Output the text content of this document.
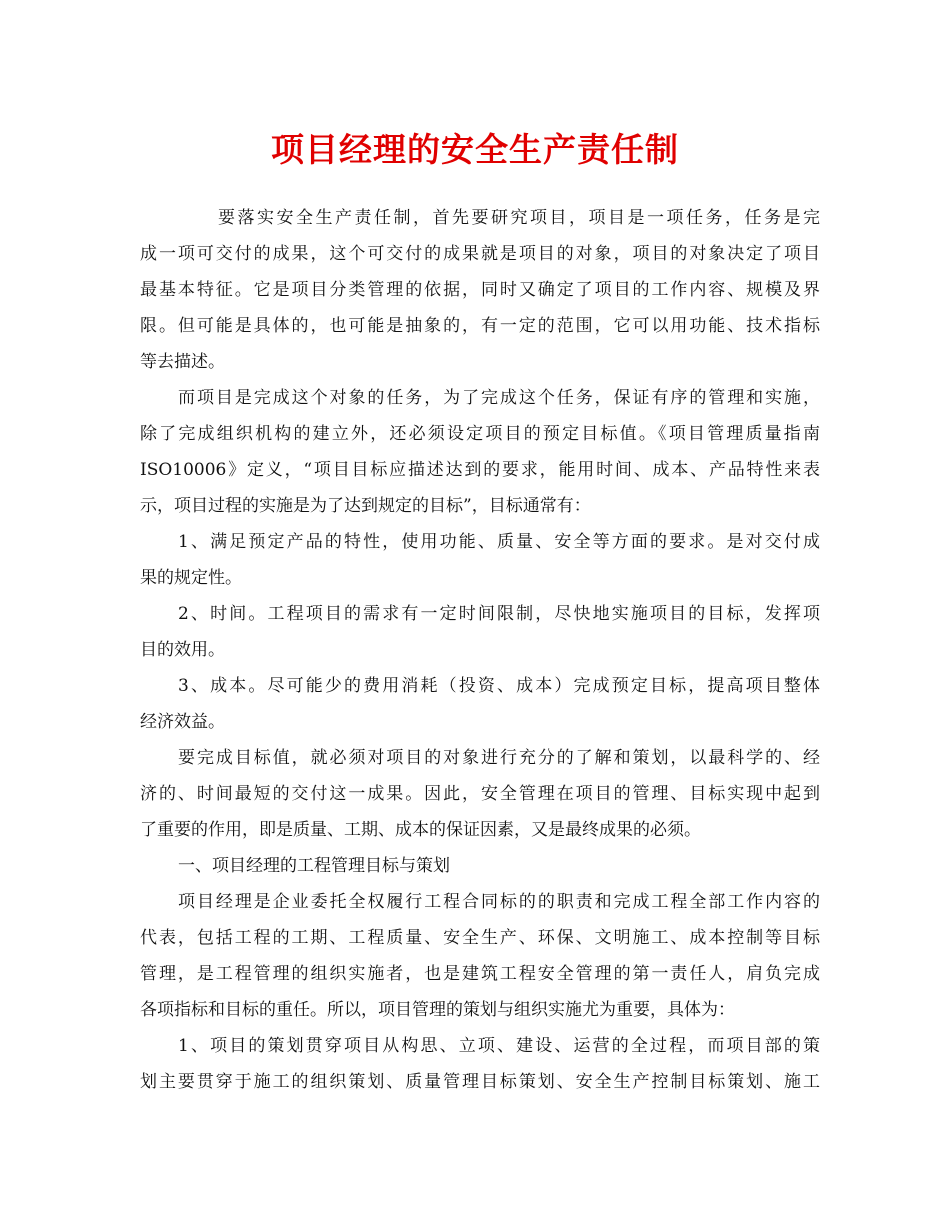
项目经理的安全生产责任制
要落实安全生产责任制，首先要研究项目，项目是一项任务，任务是完
成一项可交付的成果，这个可交付的成果就是项目的对象，项目的对象决定了项目
最基本特征。它是项目分类管理的依据，同时又确定了项目的工作内容、规模及界
限。但可能是具体的，也可能是抽象的，有一定的范围，它可以用功能、技术指标
等去描述。
而项目是完成这个对象的任务，为了完成这个任务，保证有序的管理和实施，
除了完成组织机构的建立外，还必须设定项目的预定目标值。《项目管理质量指南
ISO10006》定义，“项目目标应描述达到的要求，能用时间、成本、产品特性来表
示，项目过程的实施是为了达到规定的目标”，目标通常有：
1、满足预定产品的特性，使用功能、质量、安全等方面的要求。是对交付成
果的规定性。
2、时间。工程项目的需求有一定时间限制，尽快地实施项目的目标，发挥项
目的效用。
3、成本。尽可能少的费用消耗（投资、成本）完成预定目标，提高项目整体
经济效益。
要完成目标值，就必须对项目的对象进行充分的了解和策划，以最科学的、经
济的、时间最短的交付这一成果。因此，安全管理在项目的管理、目标实现中起到
了重要的作用，即是质量、工期、成本的保证因素，又是最终成果的必须。
一、项目经理的工程管理目标与策划
项目经理是企业委托全权履行工程合同标的的职责和完成工程全部工作内容的
代表，包括工程的工期、工程质量、安全生产、环保、文明施工、成本控制等目标
管理，是工程管理的组织实施者，也是建筑工程安全管理的第一责任人，肩负完成
各项指标和目标的重任。所以，项目管理的策划与组织实施尤为重要，具体为：
1、项目的策划贯穿项目从构思、立项、建设、运营的全过程，而项目部的策
划主要贯穿于施工的组织策划、质量管理目标策划、安全生产控制目标策划、施工
